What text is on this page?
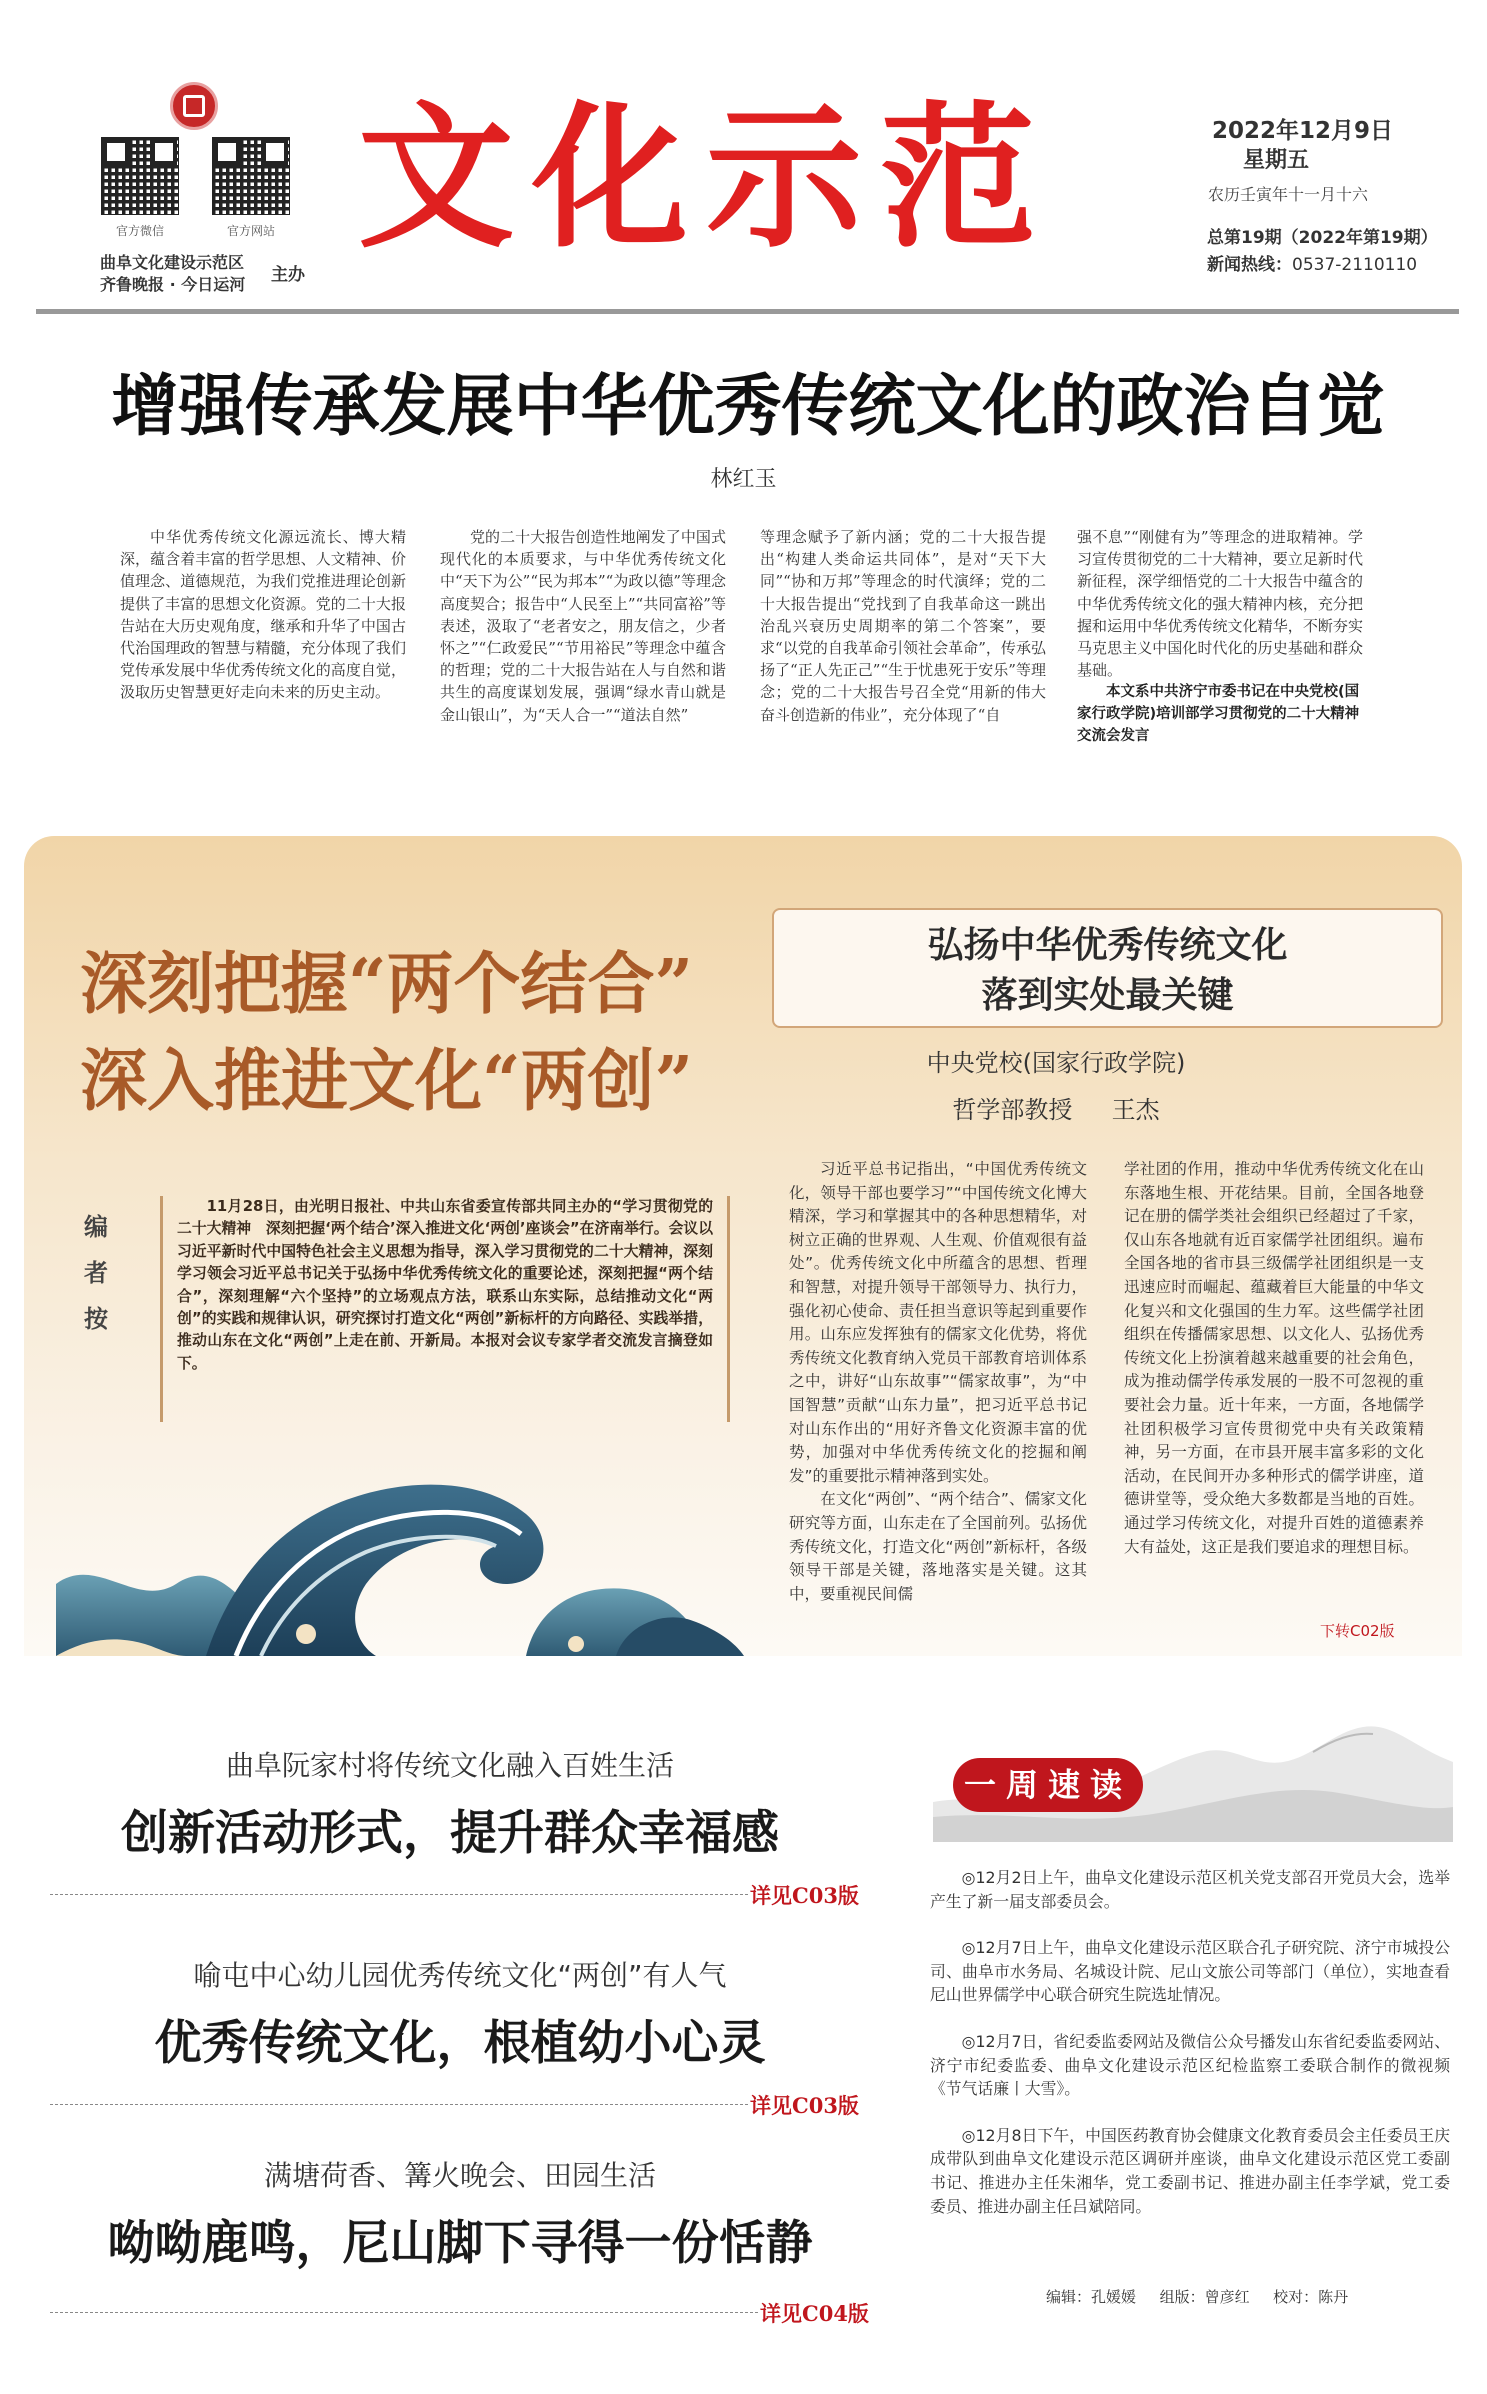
官方微信	官方网站
曲阜文化建设示范区
齐鲁晚报 · 今日运河 主办
文化示范	2022年12月9日
星期五
农历壬寅年十一月十六
总第19期（2022年第19期）
新闻热线：0537-2110110
增强传承发展中华优秀传统文化的政治自觉
林红玉
中华优秀传统文化源远流长、博大精深，蕴含着丰富的哲学思想、人文精神、价值理念、道德规范，为我们党推进理论创新提供了丰富的思想文化资源。党的二十大报告站在大历史观角度，继承和升华了中国古代治国理政的智慧与精髓，充分体现了我们党传承发展中华优秀传统文化的高度自觉，汲取历史智慧更好走向未来的历史主动。
党的二十大报告创造性地阐发了中国式现代化的本质要求，与中华优秀传统文化中“天下为公”“民为邦本”“为政以德”等理念高度契合；报告中“人民至上”“共同富裕”等表述，汲取了“老者安之，朋友信之，少者怀之”“仁政爱民”“节用裕民”等理念中蕴含的哲理；党的二十大报告站在人与自然和谐共生的高度谋划发展，强调“绿水青山就是金山银山”，为“天人合一”“道法自然”
等理念赋予了新内涵；党的二十大报告提出“构建人类命运共同体”，是对“天下大同”“协和万邦”等理念的时代演绎；党的二十大报告提出“党找到了自我革命这一跳出治乱兴衰历史周期率的第二个答案”，要求“以党的自我革命引领社会革命”，传承弘扬了“正人先正己”“生于忧患死于安乐”等理念；党的二十大报告号召全党“用新的伟大奋斗创造新的伟业”，充分体现了“自
强不息”“刚健有为”等理念的进取精神。学习宣传贯彻党的二十大精神，要立足新时代新征程，深学细悟党的二十大报告中蕴含的中华优秀传统文化的强大精神内核，充分把握和运用中华优秀传统文化精华，不断夯实马克思主义中国化时代化的历史基础和群众基础。
本文系中共济宁市委书记在中央党校(国家行政学院)培训部学习贯彻党的二十大精神交流会发言
深刻把握“两个结合”
深入推进文化“两创”
编
者
按
11月28日，由光明日报社、中共山东省委宣传部共同主办的“学习贯彻党的二十大精神　深刻把握‘两个结合’深入推进文化‘两创’座谈会”在济南举行。会议以习近平新时代中国特色社会主义思想为指导，深入学习贯彻党的二十大精神，深刻学习领会习近平总书记关于弘扬中华优秀传统文化的重要论述，深刻把握“两个结合”，深刻理解“六个坚持”的立场观点方法，联系山东实际，总结推动文化“两创”的实践和规律认识，研究探讨打造文化“两创”新标杆的方向路径、实践举措，推动山东在文化“两创”上走在前、开新局。本报对会议专家学者交流发言摘登如下。
弘扬中华优秀传统文化
落到实处最关键
中央党校(国家行政学院)
哲学部教授 王杰
习近平总书记指出，“中国优秀传统文化，领导干部也要学习”“中国传统文化博大精深，学习和掌握其中的各种思想精华，对树立正确的世界观、人生观、价值观很有益处”。优秀传统文化中所蕴含的思想、哲理和智慧，对提升领导干部领导力、执行力，强化初心使命、责任担当意识等起到重要作用。山东应发挥独有的儒家文化优势，将优秀传统文化教育纳入党员干部教育培训体系之中，讲好“山东故事”“儒家故事”，为“中国智慧”贡献“山东力量”，把习近平总书记对山东作出的“用好齐鲁文化资源丰富的优势，加强对中华优秀传统文化的挖掘和阐发”的重要批示精神落到实处。
　　在文化“两创”、“两个结合”、儒家文化研究等方面，山东走在了全国前列。弘扬优秀传统文化，打造文化“两创”新标杆，各级领导干部是关键，落地落实是关键。这其中，要重视民间儒
学社团的作用，推动中华优秀传统文化在山东落地生根、开花结果。目前，全国各地登记在册的儒学类社会组织已经超过了千家，仅山东各地就有近百家儒学社团组织。遍布全国各地的省市县三级儒学社团组织是一支迅速应时而崛起、蕴藏着巨大能量的中华文化复兴和文化强国的生力军。这些儒学社团组织在传播儒家思想、以文化人、弘扬优秀传统文化上扮演着越来越重要的社会角色，成为推动儒学传承发展的一股不可忽视的重要社会力量。近十年来，一方面，各地儒学社团积极学习宣传贯彻党中央有关政策精神，另一方面，在市县开展丰富多彩的文化活动，在民间开办多种形式的儒学讲座，道德讲堂等，受众绝大多数都是当地的百姓。通过学习传统文化，对提升百姓的道德素养大有益处，这正是我们要追求的理想目标。
下转C02版
曲阜阮家村将传统文化融入百姓生活
创新活动形式，提升群众幸福感
详见C03版
喻屯中心幼儿园优秀传统文化“两创”有人气
优秀传统文化，根植幼小心灵
详见C03版
满塘荷香、篝火晚会、田园生活
呦呦鹿鸣，尼山脚下寻得一份恬静
详见C04版
一周速读
◎12月2日上午，曲阜文化建设示范区机关党支部召开党员大会，选举产生了新一届支部委员会。
◎12月7日上午，曲阜文化建设示范区联合孔子研究院、济宁市城投公司、曲阜市水务局、名城设计院、尼山文旅公司等部门（单位），实地查看尼山世界儒学中心联合研究生院选址情况。
◎12月7日，省纪委监委网站及微信公众号播发山东省纪委监委网站、济宁市纪委监委、曲阜文化建设示范区纪检监察工委联合制作的微视频《节气话廉丨大雪》。
◎12月8日下午，中国医药教育协会健康文化教育委员会主任委员王庆成带队到曲阜文化建设示范区调研并座谈，曲阜文化建设示范区党工委副书记、推进办主任朱湘华，党工委副书记、推进办副主任李学斌，党工委委员、推进办副主任吕斌陪同。
编辑：孔媛媛 组版：曾彦红 校对：陈丹
